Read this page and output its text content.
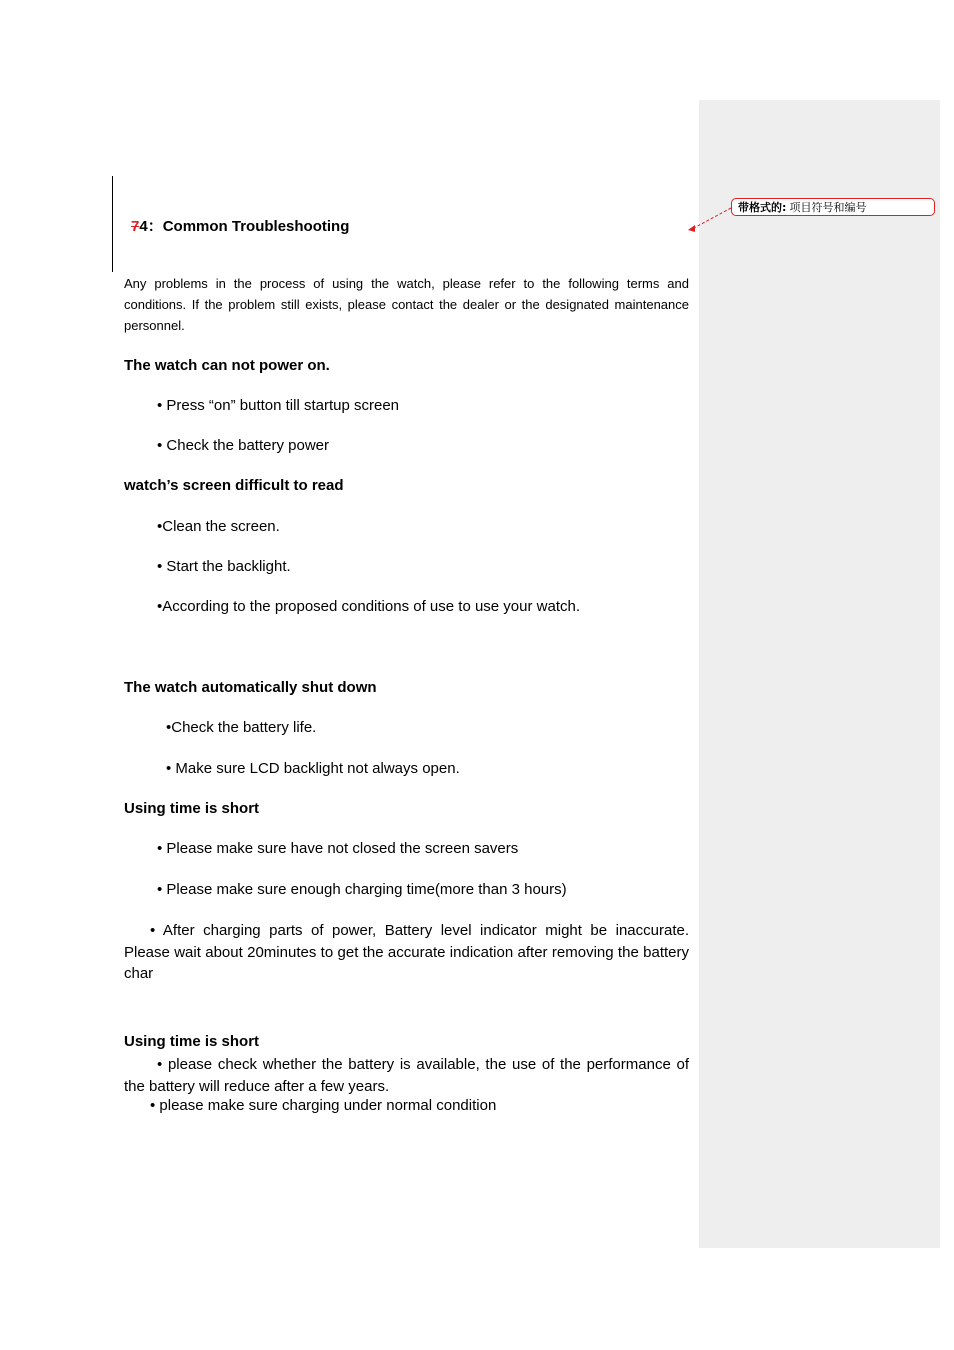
带格式的: 项目符号和编号
74：Common Troubleshooting
Any problems in the process of using the watch, please refer to the following terms and conditions. If the problem still exists, please contact the dealer or the designated maintenance personnel.
The watch can not power on.
• Press “on” button till startup screen
• Check the battery power
watch’s screen difficult to read
•Clean the screen.
• Start the backlight.
•According to the proposed conditions of use to use your watch.
The watch automatically shut down
•Check the battery life.
• Make sure LCD backlight not always open.
Using time is short
• Please make sure have not closed the screen savers
• Please make sure enough charging time(more than 3 hours)
• After charging parts of power, Battery level indicator might be inaccurate. Please wait about 20minutes to get the accurate indication after removing the battery char
Using time is short
• please check whether the battery is available, the use of the performance of the battery will reduce after a few years.
• please make sure charging under normal condition
